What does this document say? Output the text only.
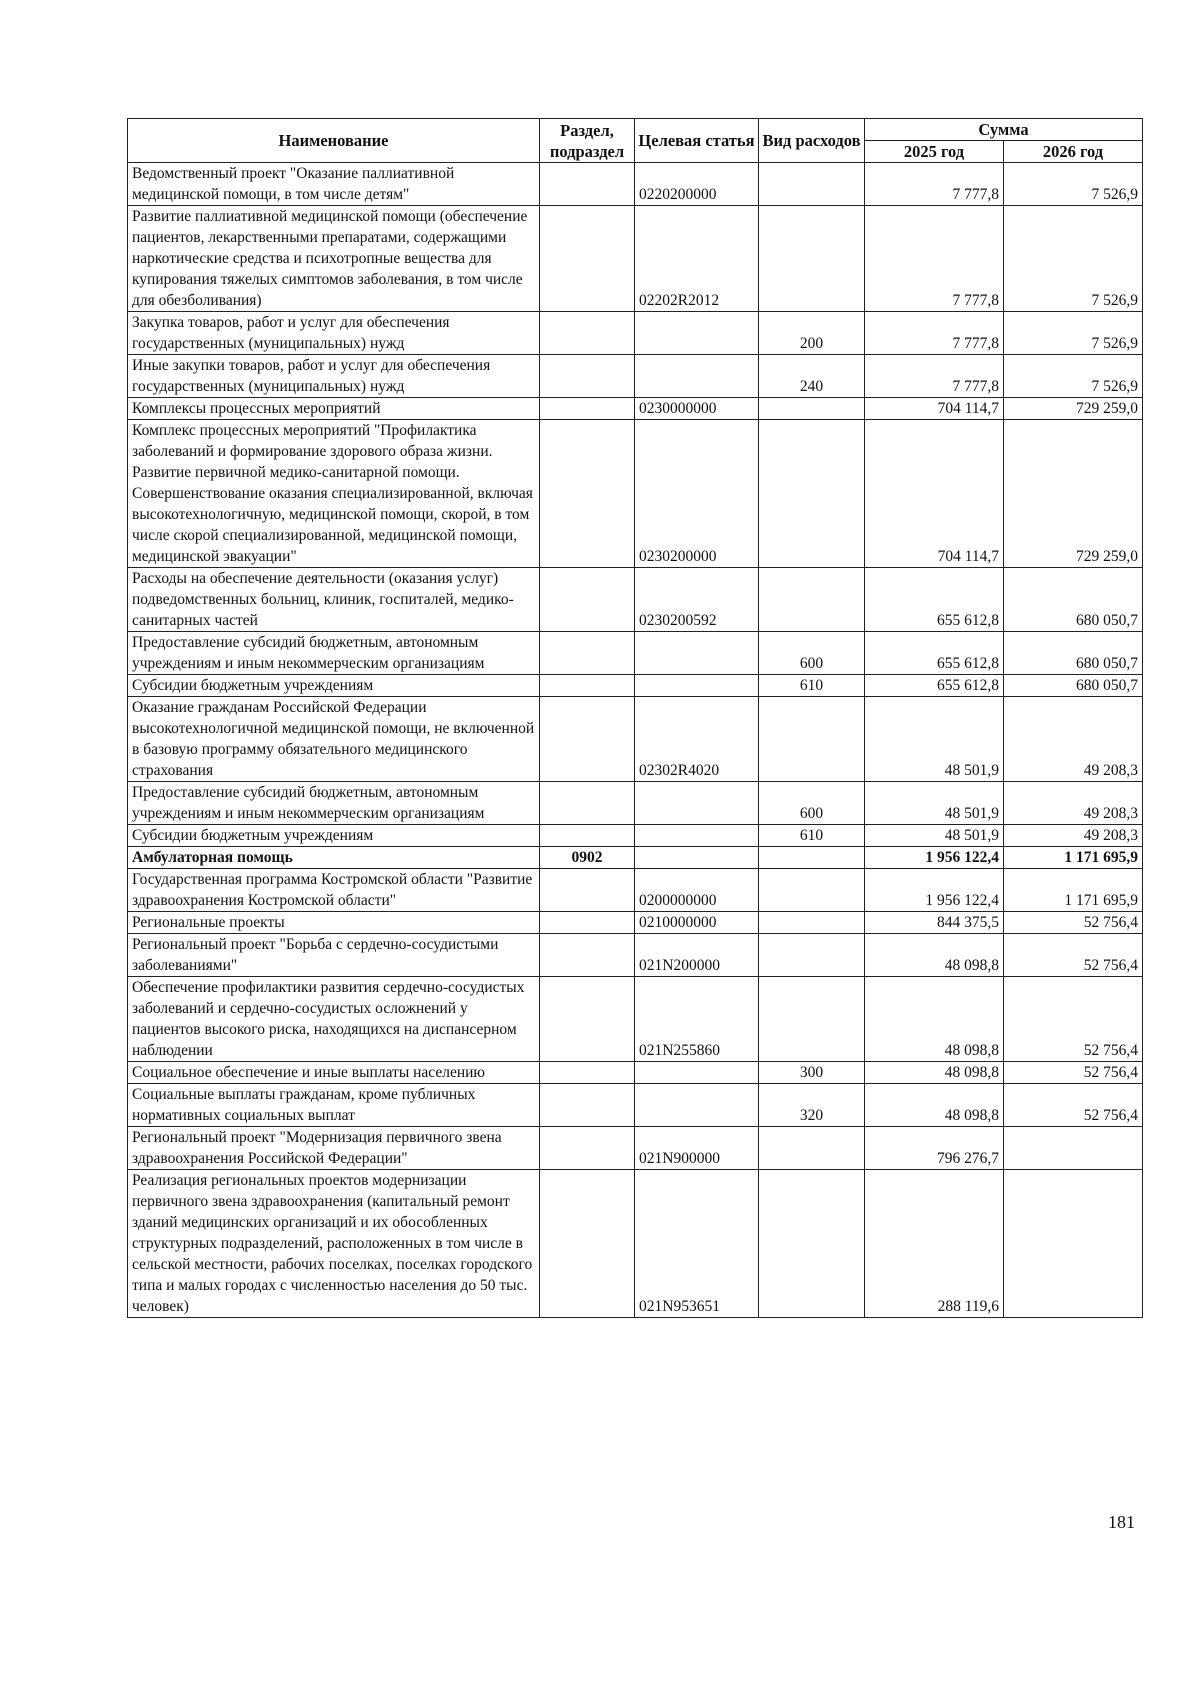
Наименование	Раздел, подраздел	Целевая статья	Вид расходов	Сумма	
				2025 год	2026 год
Ведомственный проект "Оказание паллиативной медицинской помощи, в том числе детям"		0220200000		7 777,8	7 526,9
Развитие паллиативной медицинской помощи (обеспечение пациентов, лекарственными препаратами, содержащими наркотические средства и психотропные вещества для купирования тяжелых симптомов заболевания, в том числе для обезболивания)		02202R2012		7 777,8	7 526,9
Закупка товаров, работ и услуг для обеспечения государственных (муниципальных) нужд			200	7 777,8	7 526,9
Иные закупки товаров, работ и услуг для обеспечения государственных (муниципальных) нужд			240	7 777,8	7 526,9
Комплексы процессных мероприятий		0230000000		704 114,7	729 259,0
Комплекс процессных мероприятий "Профилактика заболеваний и формирование здорового образа жизни. Развитие первичной медико-санитарной помощи. Совершенствование оказания специализированной, включая высокотехнологичную, медицинской помощи, скорой, в том числе скорой специализированной, медицинской помощи, медицинской эвакуации"		0230200000		704 114,7	729 259,0
Расходы на обеспечение деятельности (оказания услуг) подведомственных больниц, клиник, госпиталей, медико-санитарных частей		0230200592		655 612,8	680 050,7
Предоставление субсидий бюджетным, автономным учреждениям и иным некоммерческим организациям			600	655 612,8	680 050,7
Субсидии бюджетным учреждениям			610	655 612,8	680 050,7
Оказание гражданам Российской Федерации высокотехнологичной медицинской помощи, не включенной в базовую программу обязательного медицинского страхования		02302R4020		48 501,9	49 208,3
Предоставление субсидий бюджетным, автономным учреждениям и иным некоммерческим организациям			600	48 501,9	49 208,3
Субсидии бюджетным учреждениям			610	48 501,9	49 208,3
Амбулаторная помощь	0902			1 956 122,4	1 171 695,9
Государственная программа Костромской области "Развитие здравоохранения Костромской области"		0200000000		1 956 122,4	1 171 695,9
Региональные проекты		0210000000		844 375,5	52 756,4
Региональный проект "Борьба с сердечно-сосудистыми заболеваниями"		021N200000		48 098,8	52 756,4
Обеспечение профилактики развития сердечно-сосудистых заболеваний и сердечно-сосудистых осложнений у пациентов высокого риска, находящихся на диспансерном наблюдении		021N255860		48 098,8	52 756,4
Социальное обеспечение и иные выплаты населению			300	48 098,8	52 756,4
Социальные выплаты гражданам, кроме публичных нормативных социальных выплат			320	48 098,8	52 756,4
Региональный проект "Модернизация первичного звена здравоохранения Российской Федерации"		021N900000		796 276,7	
Реализация региональных проектов модернизации первичного звена здравоохранения (капитальный ремонт зданий медицинских организаций и их обособленных структурных подразделений, расположенных в том числе в сельской местности, рабочих поселках, поселках городского типа и малых городах с численностью населения до 50 тыс. человек)		021N953651		288 119,6	
181
